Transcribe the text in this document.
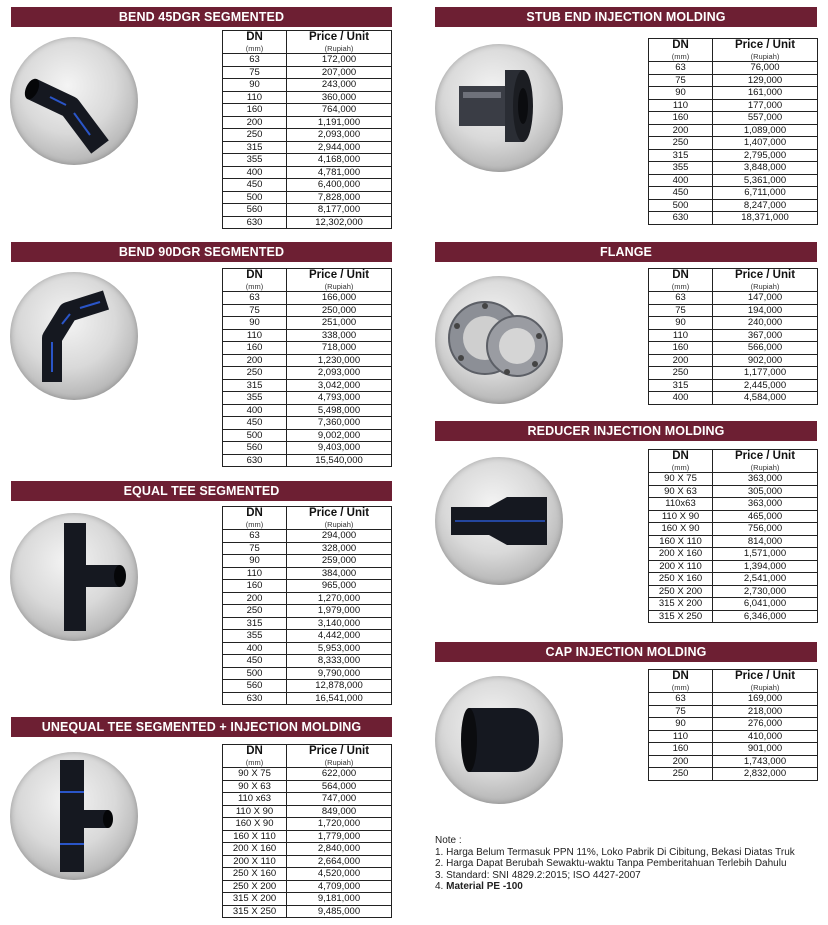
BEND 45DGR SEGMENTED
DN	Price / Unit
(mm)	(Rupiah)
63	172,000
75	207,000
90	243,000
110	360,000
160	764,000
200	1,191,000
250	2,093,000
315	2,944,000
355	4,168,000
400	4,781,000
450	6,400,000
500	7,828,000
560	8,177,000
630	12,302,000
BEND 90DGR SEGMENTED
DN	Price / Unit
(mm)	(Rupiah)
63	166,000
75	250,000
90	251,000
110	338,000
160	718,000
200	1,230,000
250	2,093,000
315	3,042,000
355	4,793,000
400	5,498,000
450	7,360,000
500	9,002,000
560	9,403,000
630	15,540,000
EQUAL TEE SEGMENTED
DN	Price / Unit
(mm)	(Rupiah)
63	294,000
75	328,000
90	259,000
110	384,000
160	965,000
200	1,270,000
250	1,979,000
315	3,140,000
355	4,442,000
400	5,953,000
450	8,333,000
500	9,790,000
560	12,878,000
630	16,541,000
UNEQUAL TEE SEGMENTED + INJECTION MOLDING
DN	Price / Unit
(mm)	(Rupiah)
90 X 75	622,000
90 X 63	564,000
110 x63	747,000
110 X 90	849,000
160 X 90	1,720,000
160 X 110	1,779,000
200 X 160	2,840,000
200 X 110	2,664,000
250 X 160	4,520,000
250 X 200	4,709,000
315 X 200	9,181,000
315 X 250	9,485,000
STUB END INJECTION MOLDING
DN	Price / Unit
(mm)	(Rupiah)
63	76,000
75	129,000
90	161,000
110	177,000
160	557,000
200	1,089,000
250	1,407,000
315	2,795,000
355	3,848,000
400	5,361,000
450	6,711,000
500	8,247,000
630	18,371,000
FLANGE
DN	Price / Unit
(mm)	(Rupiah)
63	147,000
75	194,000
90	240,000
110	367,000
160	566,000
200	902,000
250	1,177,000
315	2,445,000
400	4,584,000
REDUCER INJECTION MOLDING
DN	Price / Unit
(mm)	(Rupiah)
90 X 75	363,000
90 X 63	305,000
110x63	363,000
110 X 90	465,000
160 X 90	756,000
160 X 110	814,000
200 X 160	1,571,000
200 X 110	1,394,000
250 X 160	2,541,000
250 X 200	2,730,000
315 X 200	6,041,000
315 X 250	6,346,000
CAP INJECTION MOLDING
DN	Price / Unit
(mm)	(Rupiah)
63	169,000
75	218,000
90	276,000
110	410,000
160	901,000
200	1,743,000
250	2,832,000
Note :
1. Harga Belum Termasuk PPN 11%, Loko Pabrik Di Cibitung, Bekasi Diatas Truk
2. Harga Dapat Berubah Sewaktu-waktu Tanpa Pemberitahuan Terlebih Dahulu
3. Standard: SNI 4829.2:2015; ISO 4427-2007
4. Material PE -100
